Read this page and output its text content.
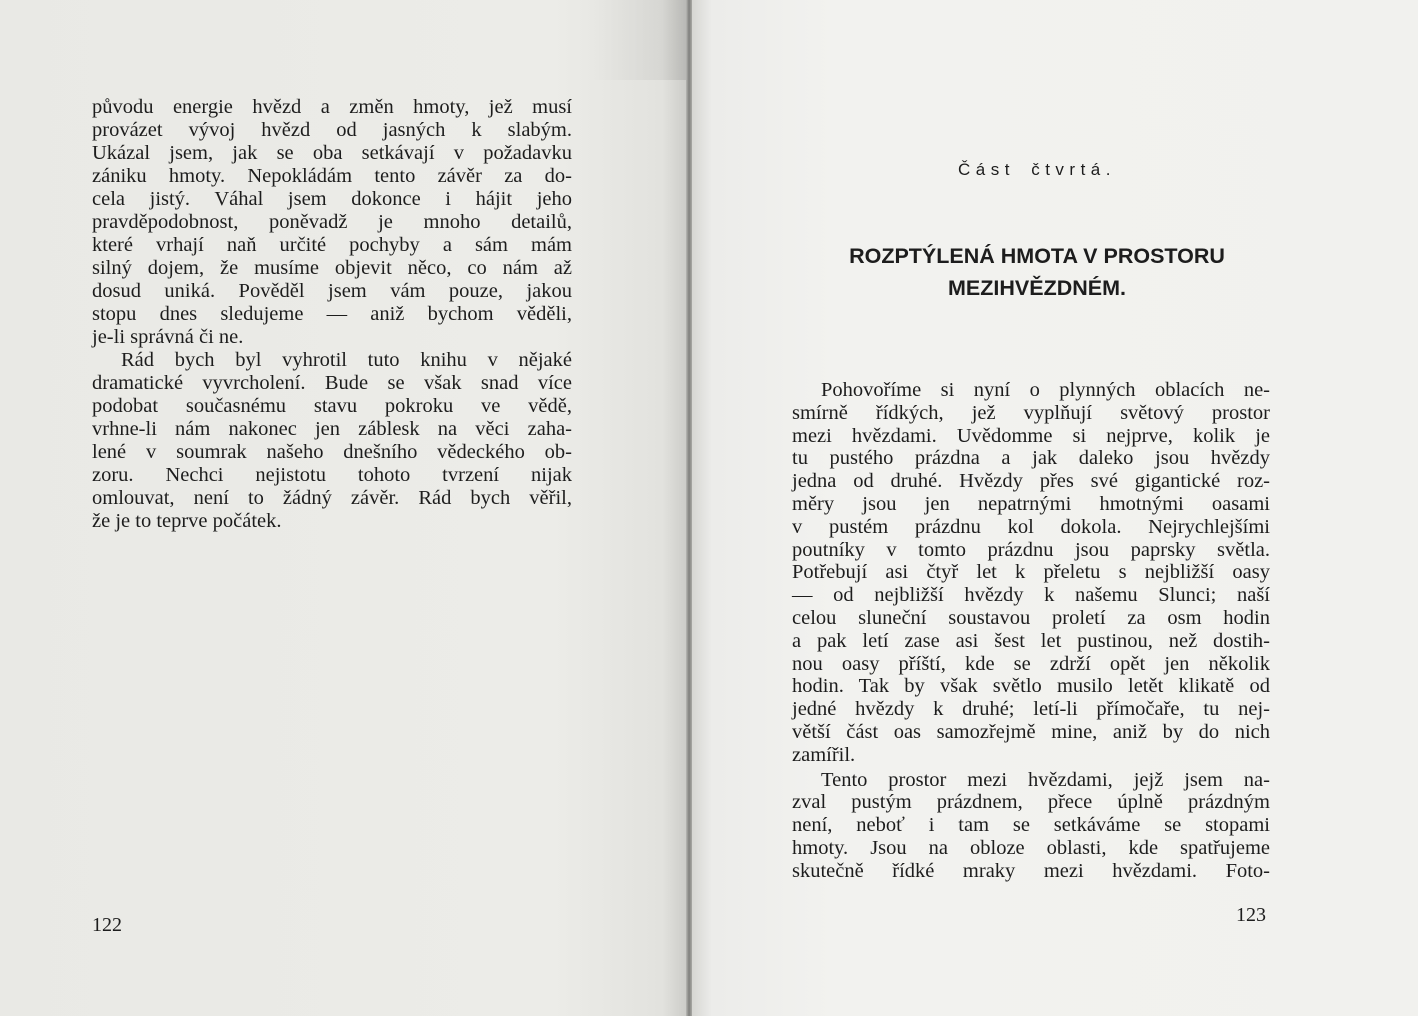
původu energie hvězd a změn hmoty, jež musí
provázet vývoj hvězd od jasných k slabým.
Ukázal jsem, jak se oba setkávají v požadavku
zániku hmoty. Nepokládám tento závěr za do-
cela jistý. Váhal jsem dokonce i hájit jeho
pravděpodobnost, poněvadž je mnoho detailů,
které vrhají naň určité pochyby a sám mám
silný dojem, že musíme objevit něco, co nám až
dosud uniká. Pověděl jsem vám pouze, jakou
stopu dnes sledujeme — aniž bychom věděli,
je-li správná či ne.
Rád bych byl vyhrotil tuto knihu v nějaké
dramatické vyvrcholení. Bude se však snad více
podobat současnému stavu pokroku ve vědě,
vrhne-li nám nakonec jen záblesk na věci zaha-
lené v soumrak našeho dnešního vědeckého ob-
zoru. Nechci nejistotu tohoto tvrzení nijak
omlouvat, není to žádný závěr. Rád bych věřil,
že je to teprve počátek.
122
Část čtvrtá.
ROZPTÝLENÁ HMOTA V PROSTORU
MEZIHVĚZDNÉM.
Pohovoříme si nyní o plynných oblacích ne-
smírně řídkých, jež vyplňují světový prostor
mezi hvězdami. Uvědomme si nejprve, kolik je
tu pustého prázdna a jak daleko jsou hvězdy
jedna od druhé. Hvězdy přes své gigantické roz-
měry jsou jen nepatrnými hmotnými oasami
v pustém prázdnu kol dokola. Nejrychlejšími
poutníky v tomto prázdnu jsou paprsky světla.
Potřebují asi čtyř let k přeletu s nejbližší oasy
— od nejbližší hvězdy k našemu Slunci; naší
celou sluneční soustavou proletí za osm hodin
a pak letí zase asi šest let pustinou, než dostih-
nou oasy příští, kde se zdrží opět jen několik
hodin. Tak by však světlo musilo letět klikatě od
jedné hvězdy k druhé; letí-li přímočaře, tu nej-
větší část oas samozřejmě mine, aniž by do nich
zamířil.
Tento prostor mezi hvězdami, jejž jsem na-
zval pustým prázdnem, přece úplně prázdným
není, neboť i tam se setkáváme se stopami
hmoty. Jsou na obloze oblasti, kde spatřujeme
skutečně řídké mraky mezi hvězdami. Foto-
123
